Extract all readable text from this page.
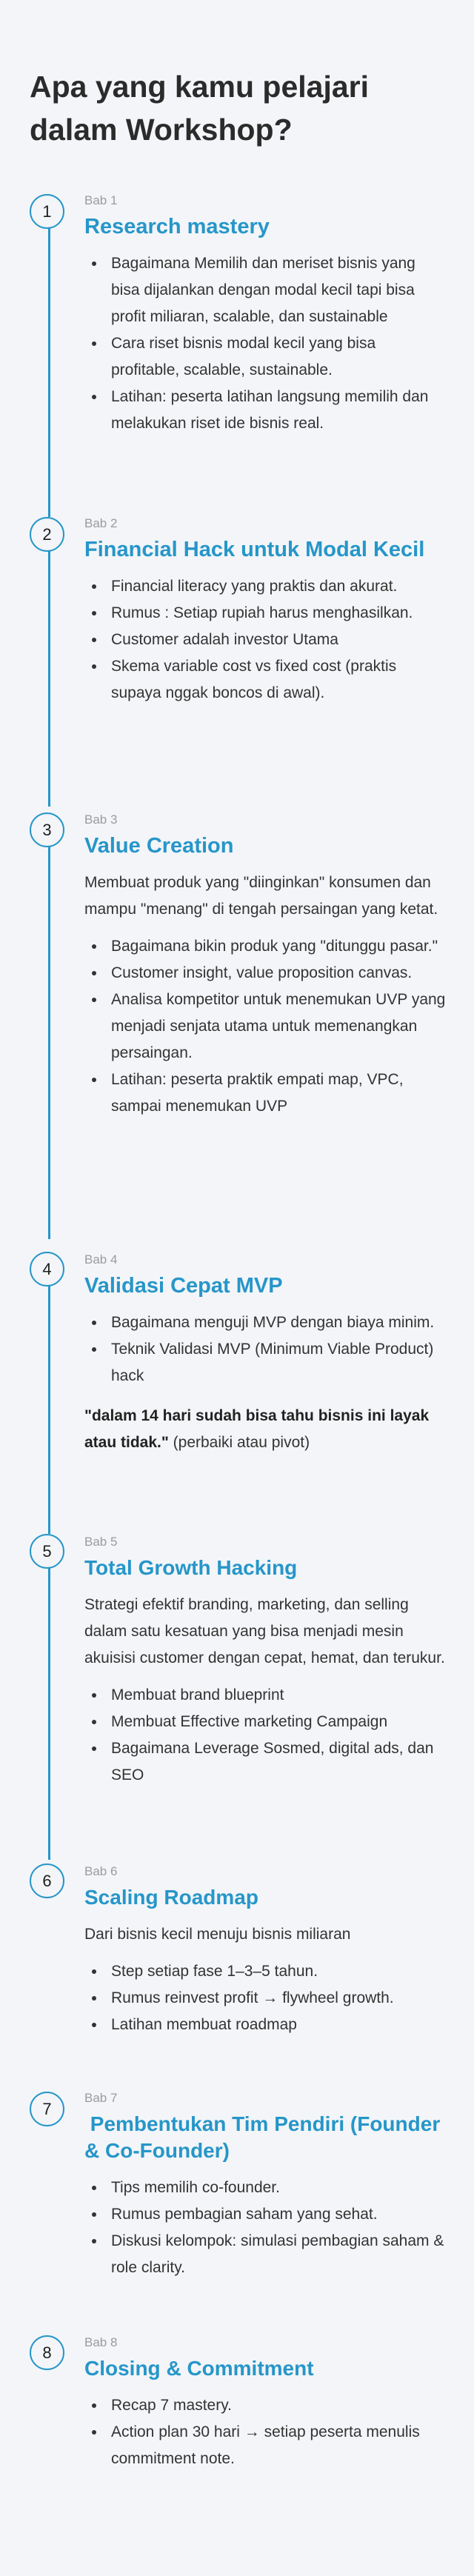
Apa yang kamu pelajari dalam Workshop?
1
Bab 1
Research mastery
Bagaimana Memilih dan meriset bisnis yang bisa dijalankan dengan modal kecil tapi bisa profit miliaran, scalable, dan sustainable
Cara riset bisnis modal kecil yang bisa profitable, scalable, sustainable.
Latihan: peserta latihan langsung memilih dan melakukan riset ide bisnis real.
2
Bab 2
Financial Hack untuk Modal Kecil
Financial literacy yang praktis dan akurat.
Rumus : Setiap rupiah harus menghasilkan.
Customer adalah investor Utama
Skema variable cost vs fixed cost (praktis supaya nggak boncos di awal).
3
Bab 3
Value Creation

Membuat produk yang "diinginkan" konsumen dan mampu "menang" di tengah persaingan yang ketat.

Bagaimana bikin produk yang "ditunggu pasar."
Customer insight, value proposition canvas.
Analisa kompetitor untuk menemukan UVP yang menjadi senjata utama untuk memenangkan persaingan.
Latihan: peserta praktik empati map, VPC, sampai menemukan UVP
4	Bab 4
Validasi Cepat MVP
Bagaimana menguji MVP dengan biaya minim.
Teknik Validasi MVP (Minimum Viable Product) hack
"dalam 14 hari sudah bisa tahu bisnis ini layak atau tidak." (perbaiki atau pivot)
5	Bab 5
Total Growth Hacking

Strategi efektif branding, marketing, dan selling dalam satu kesatuan yang bisa menjadi mesin akuisisi customer dengan cepat, hemat, dan terukur.

Membuat brand blueprint
Membuat Effective marketing Campaign
Bagaimana Leverage Sosmed, digital ads, dan SEO
6	Bab 6
Scaling Roadmap

Dari bisnis kecil menuju bisnis miliaran

Step setiap fase 1–3–5 tahun.
Rumus reinvest profit → flywheel growth.
Latihan membuat roadmap
7
Bab 7
Pembentukan Tim Pendiri (Founder & Co-Founder)
Tips memilih co-founder.
Rumus pembagian saham yang sehat.
Diskusi kelompok: simulasi pembagian saham & role clarity.
8
Bab 8
Closing & Commitment
Recap 7 mastery.
Action plan 30 hari → setiap peserta menulis commitment note.
